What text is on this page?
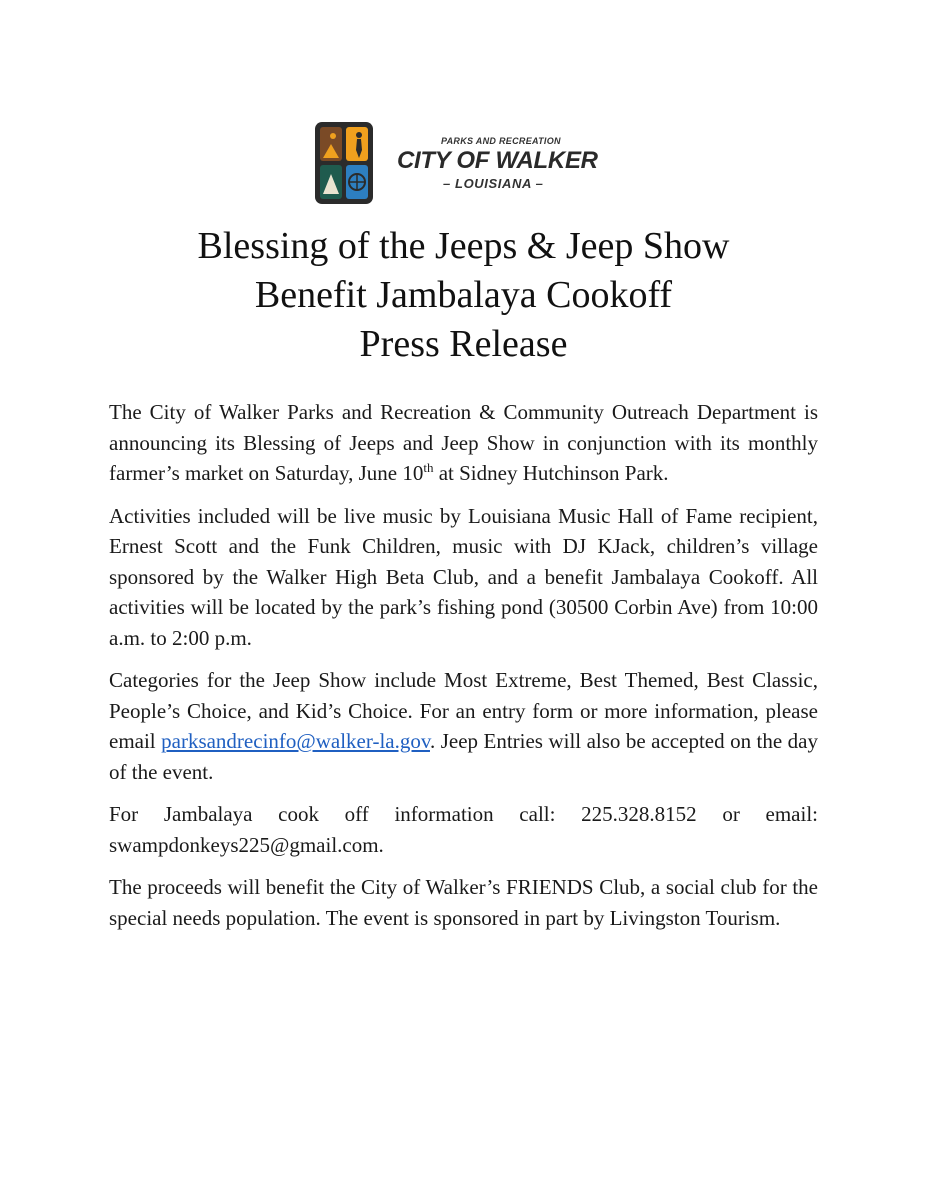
PARKS AND RECREATION
CITY OF WALKER
– LOUISIANA –
Blessing of the Jeeps & Jeep Show
Benefit Jambalaya Cookoff
Press Release

The City of Walker Parks and Recreation & Community Outreach Department is announcing its Blessing of Jeeps and Jeep Show in conjunction with its monthly farmer’s market on Saturday, June 10th at Sidney Hutchinson Park.

Activities included will be live music by Louisiana Music Hall of Fame recipient, Ernest Scott and the Funk Children, music with DJ KJack, children’s village sponsored by the Walker High Beta Club, and a benefit Jambalaya Cookoff. All activities will be located by the park’s fishing pond (30500 Corbin Ave) from 10:00 a.m. to 2:00 p.m.

Categories for the Jeep Show include Most Extreme, Best Themed, Best Classic, People’s Choice, and Kid’s Choice. For an entry form or more information, please email parksandrecinfo@walker-la.gov. Jeep Entries will also be accepted on the day of the event.

For Jambalaya cook off information call: 225.328.8152 or email: swampdonkeys225@gmail.com.

The proceeds will benefit the City of Walker’s FRIENDS Club, a social club for the special needs population. The event is sponsored in part by Livingston Tourism.
